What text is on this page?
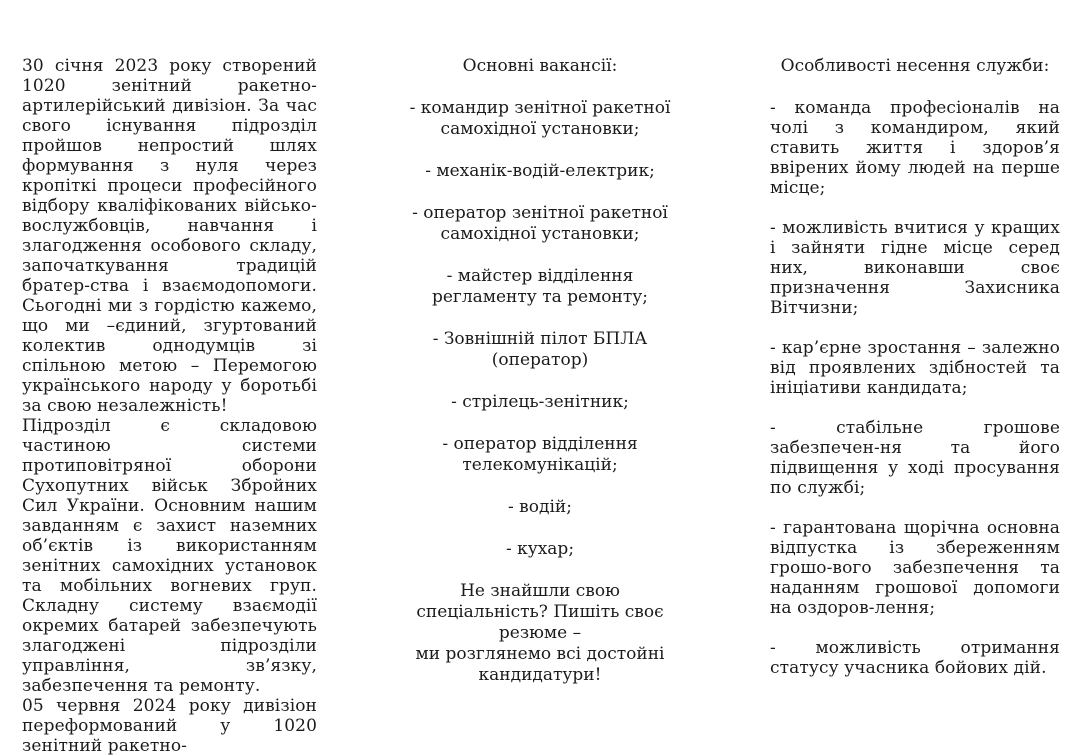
30 січня 2023 року створений 1020 зенітний ракетно-артилерійський дивізіон. За час свого існування підрозділ пройшов непростий шлях формування з нуля через кропіткі процеси професійного відбору кваліфікованих військо-вослужбовців, навчання і злагодження особового складу, започаткування традицій братер-ства і взаємодопомоги. Сьогодні ми з гордістю кажемо, що ми –єдиний, згуртований колектив однодумців зі спільною метою – Перемогою українського народу у боротьбі за свою незалежність!

Підрозділ є складовою частиною системи протиповітряної оборони Сухопутних військ Збройних Сил України. Основним нашим завданням є захист наземних об’єктів із використанням зенітних самохідних установок та мобільних вогневих груп. Складну систему взаємодії окремих батарей забезпечують злагоджені підрозділи управління, зв’язку, забезпечення та ремонту.

05 червня 2024 року дивізіон переформований у 1020 зенітний ракетно-

Основні вакансії:

- командир зенітної ракетної самохідної установки;

- механік-водій-електрик;

- оператор зенітної ракетної самохідної установки;

- майстер відділення регламенту та ремонту;

- Зовнішній пілот БПЛА (оператор)

- стрілець-зенітник;

- оператор відділення телекомунікацій;

- водій;

- кухар;

Не знайшли свою спеціальність? Пишіть своє резюме –

ми розглянемо всі достойні кандидатури!

Особливості несення служби:

- команда професіоналів на чолі з командиром, який ставить життя і здоров’я ввірених йому людей на перше місце;

- можливість вчитися у кращих і зайняти гідне місце серед них, виконавши своє призначення Захисника Вітчизни;

- кар’єрне зростання – залежно від проявлених здібностей та ініціативи кандидата;

- стабільне грошове забезпечен-ня та його підвищення у ході просування по службі;

- гарантована щорічна основна відпустка із збереженням грошо-вого забезпечення та наданням грошової допомоги на оздоров-лення;

- можливість отримання статусу учасника бойових дій.
